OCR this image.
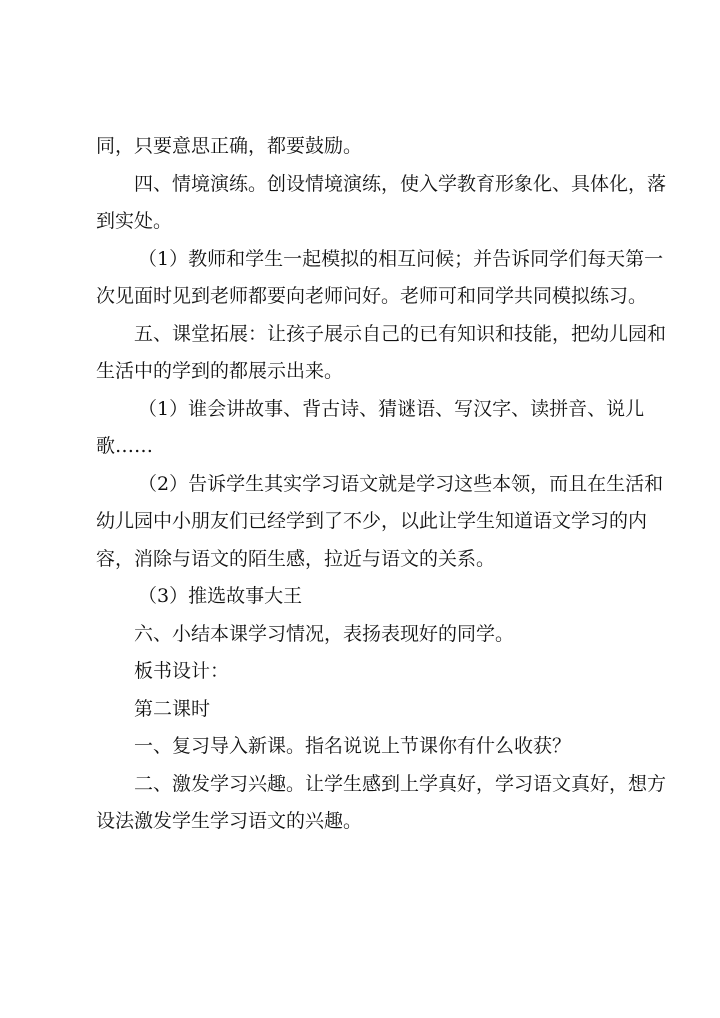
同，只要意思正确，都要鼓励。

四、情境演练。创设情境演练，使入学教育形象化、具体化，落到实处。

（1）教师和学生一起模拟的相互问候；并告诉同学们每天第一次见面时见到老师都要向老师问好。老师可和同学共同模拟练习。

五、课堂拓展：让孩子展示自己的已有知识和技能，把幼儿园和生活中的学到的都展示出来。

（1）谁会讲故事、背古诗、猜谜语、写汉字、读拼音、说儿歌……

（2）告诉学生其实学习语文就是学习这些本领，而且在生活和幼儿园中小朋友们已经学到了不少，以此让学生知道语文学习的内容，消除与语文的陌生感，拉近与语文的关系。

（3）推选故事大王

六、小结本课学习情况，表扬表现好的同学。

板书设计：

第二课时

一、复习导入新课。指名说说上节课你有什么收获？

二、激发学习兴趣。让学生感到上学真好，学习语文真好，想方设法激发学生学习语文的兴趣。
